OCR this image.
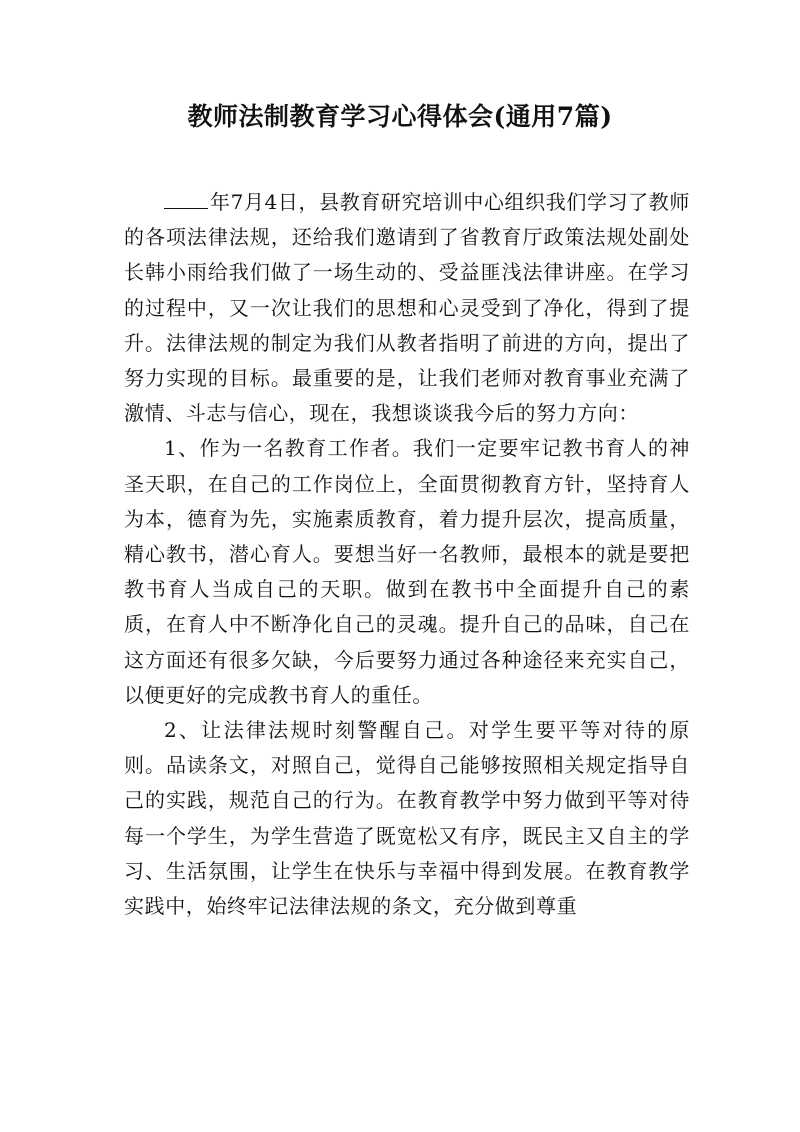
教师法制教育学习心得体会(通用7篇)

年7月4日，县教育研究培训中心组织我们学习了教师的各项法律法规，还给我们邀请到了省教育厅政策法规处副处长韩小雨给我们做了一场生动的、受益匪浅法律讲座。在学习的过程中，又一次让我们的思想和心灵受到了净化，得到了提升。法律法规的制定为我们从教者指明了前进的方向，提出了努力实现的目标。最重要的是，让我们老师对教育事业充满了激情、斗志与信心，现在，我想谈谈我今后的努力方向：

1、作为一名教育工作者。我们一定要牢记教书育人的神圣天职，在自己的工作岗位上，全面贯彻教育方针，坚持育人为本，德育为先，实施素质教育，着力提升层次，提高质量，精心教书，潜心育人。要想当好一名教师，最根本的就是要把教书育人当成自己的天职。做到在教书中全面提升自己的素质，在育人中不断净化自己的灵魂。提升自己的品味，自己在这方面还有很多欠缺，今后要努力通过各种途径来充实自己，以便更好的完成教书育人的重任。

2、让法律法规时刻警醒自己。对学生要平等对待的原则。品读条文，对照自己，觉得自己能够按照相关规定指导自己的实践，规范自己的行为。在教育教学中努力做到平等对待每一个学生，为学生营造了既宽松又有序，既民主又自主的学习、生活氛围，让学生在快乐与幸福中得到发展。在教育教学实践中，始终牢记法律法规的条文，充分做到尊重
